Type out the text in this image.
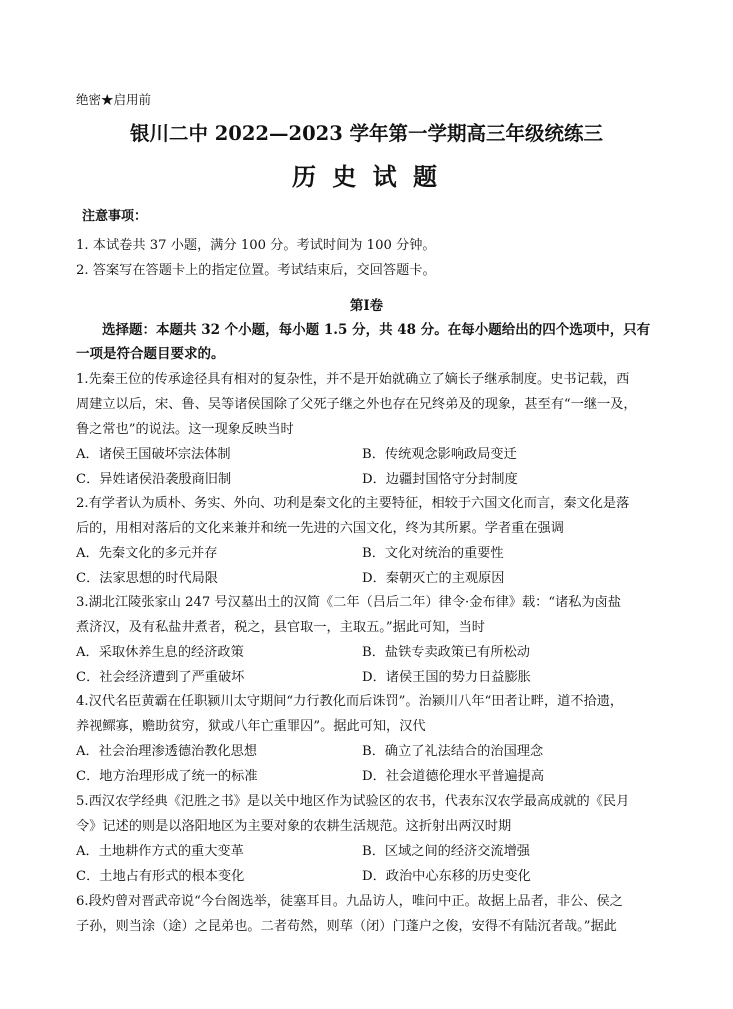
绝密★启用前
银川二中 2022—2023 学年第一学期高三年级统练三
历 史 试 题
注意事项：
1. 本试卷共 37 小题，满分 100 分。考试时间为 100 分钟。
2. 答案写在答题卡上的指定位置。考试结束后，交回答题卡。
第Ⅰ卷
选择题：本题共 32 个小题，每小题 1.5 分，共 48 分。在每小题给出的四个选项中，只有
一项是符合题目要求的。
1.先秦王位的传承途径具有相对的复杂性，并不是开始就确立了嫡长子继承制度。史书记载，西
周建立以后，宋、鲁、吴等诸侯国除了父死子继之外也存在兄终弟及的现象，甚至有“一继一及，
鲁之常也”的说法。这一现象反映当时
A．诸侯王国破坏宗法体制	B．传统观念影响政局变迁
C．异姓诸侯沿袭殷商旧制	D．边疆封国恪守分封制度
2.有学者认为质朴、务实、外向、功利是秦文化的主要特征，相较于六国文化而言，秦文化是落
后的，用相对落后的文化来兼并和统一先进的六国文化，终为其所累。学者重在强调
A．先秦文化的多元并存	B．文化对统治的重要性
C．法家思想的时代局限	D．秦朝灭亡的主观原因
3.湖北江陵张家山 247 号汉墓出土的汉简《二年（吕后二年）律令·金布律》载：“诸私为卤盐
煮济汉，及有私盐井煮者，税之，县官取一，主取五。”据此可知，当时
A．采取休养生息的经济政策	B．盐铁专卖政策已有所松动
C．社会经济遭到了严重破坏	D．诸侯王国的势力日益膨胀
4.汉代名臣黄霸在任职颍川太守期间“力行教化而后诛罚”。治颍川八年“田者让畔，道不拾遗，
养视鳏寡，赡助贫穷，狱或八年亡重罪囚”。据此可知，汉代
A．社会治理渗透德治教化思想	B．确立了礼法结合的治国理念
C．地方治理形成了统一的标准	D．社会道德伦理水平普遍提高
5.西汉农学经典《氾胜之书》是以关中地区作为试验区的农书，代表东汉农学最高成就的《民月
令》记述的则是以洛阳地区为主要对象的农耕生活规范。这折射出两汉时期
A．土地耕作方式的重大变革	B．区域之间的经济交流增强
C．土地占有形式的根本变化	D．政治中心东移的历史变化
6.段灼曾对晋武帝说“今台阁选举，徒塞耳目。九品访人，唯问中正。故据上品者，非公、侯之
子孙，则当涂（途）之昆弟也。二者苟然，则荜（闭）门蓬户之俊，安得不有陆沉者哉。”据此
